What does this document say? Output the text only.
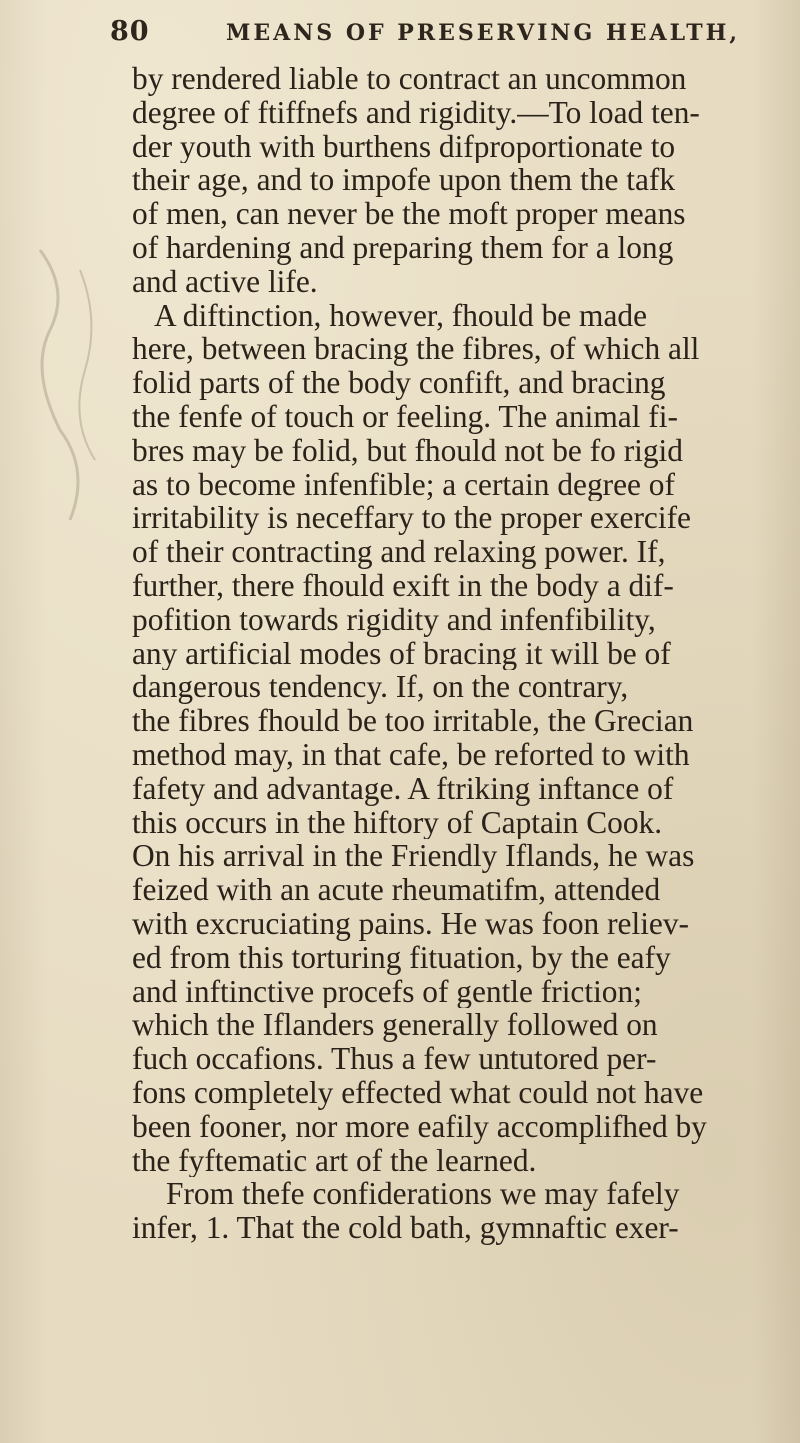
80	MEANS OF PRESERVING HEALTH,
by rendered liable to contract an uncommon
degree of ftiffnefs and rigidity.—To load ten-
der youth with burthens difproportionate to
their age, and to impofe upon them the tafk
of men, can never be the moft proper means
of hardening and preparing them for a long
and active life.
A diftinction, however, fhould be made
here, between bracing the fibres, of which all
folid parts of the body confift, and bracing
the fenfe of touch or feeling. The animal fi-
bres may be folid, but fhould not be fo rigid
as to become infenfible; a certain degree of
irritability is neceffary to the proper exercife
of their contracting and relaxing power. If,
further, there fhould exift in the body a dif-
pofition towards rigidity and infenfibility,
any artificial modes of bracing it will be of
dangerous tendency. If, on the contrary,
the fibres fhould be too irritable, the Grecian
method may, in that cafe, be reforted to with
fafety and advantage. A ftriking inftance of
this occurs in the hiftory of Captain Cook.
On his arrival in the Friendly Iflands, he was
feized with an acute rheumatifm, attended
with excruciating pains. He was foon reliev-
ed from this torturing fituation, by the eafy
and inftinctive procefs of gentle friction;
which the Iflanders generally followed on
fuch occafions. Thus a few untutored per-
fons completely effected what could not have
been fooner, nor more eafily accomplifhed by
the fyftematic art of the learned.
From thefe confiderations we may fafely
infer, 1. That the cold bath, gymnaftic exer-
